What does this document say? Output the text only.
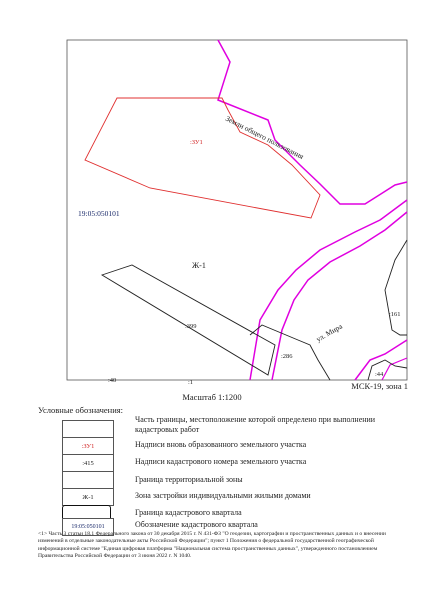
:ЗУ1
19:05:050101
Ж-1
:399
:286
:161
:40	:1
:44
Земли общего пользования
ул. Мира
МСК-19, зона 1
Масштаб 1:1200
Условные обозначения:
Часть границы, местоположение которой определено при выполнении кадастровых работ
:ЗУ1	Надписи вновь образованного земельного участка
:415	Надписи кадастрового номера земельного участка
Граница территориальной зоны
Ж-1	Зона застройки индивидуальными жилыми домами
Граница кадастрового квартала
19:05:050101	Обозначение кадастрового квартала
<1> Часть 3 статьи 18.1 Федерального закона от 30 декабря 2015 г. N 431-ФЗ "О геодезии, картографии и пространственных данных и о внесении изменений в отдельные законодательные акты Российской Федерации"; пункт 1 Положения о федеральной государственной географической информационной системе "Единая цифровая платформа "Национальная система пространственных данных", утвержденного постановлением Правительства Российской Федерации от 3 июня 2022 г. N 1040.
